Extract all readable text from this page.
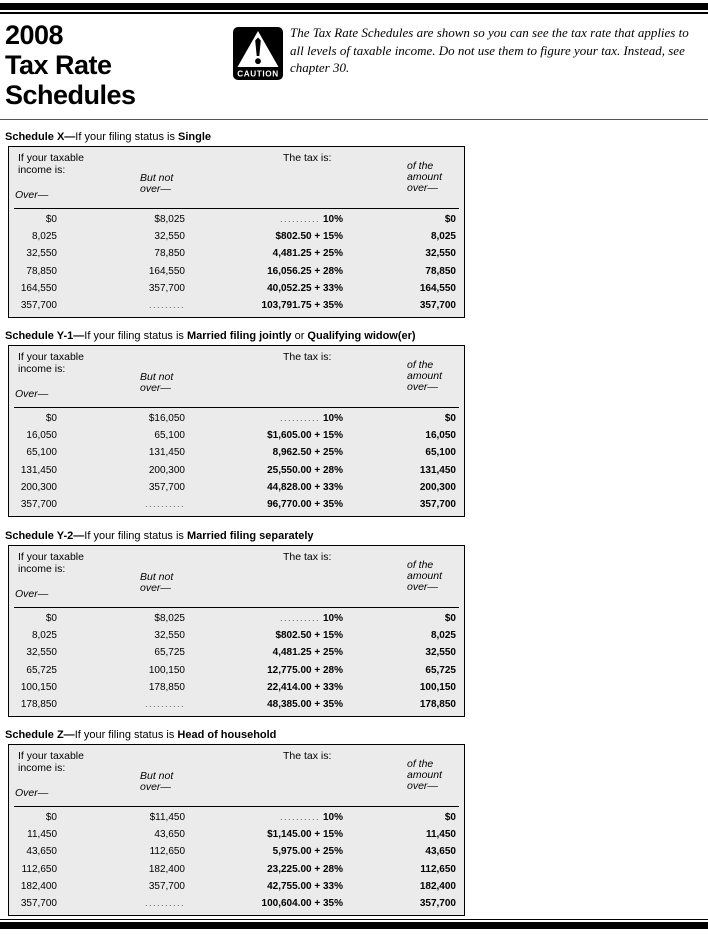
2008
Tax Rate
Schedules
CAUTION

The Tax Rate Schedules are shown so you can see the tax rate that applies to all levels of taxable income. Do not use them to figure your tax. Instead, see chapter 30.

Schedule X—If your filing status is Single
If your taxable income is:
The tax is:
But not over—
of the amount over—
Over—
$0	$8,025	.......... 10%	$0
8,025	32,550	$802.50 + 15%	8,025
32,550	78,850	4,481.25 + 25%	32,550
78,850	164,550	16,056.25 + 28%	78,850
164,550	357,700	40,052.25 + 33%	164,550
357,700	.........	103,791.75 + 35%	357,700
Schedule Y-1—If your filing status is Married filing jointly or Qualifying widow(er)
If your taxable income is:
The tax is:
But not over—
of the amount over—
Over—
$0	$16,050	.......... 10%	$0
16,050	65,100	$1,605.00 + 15%	16,050
65,100	131,450	8,962.50 + 25%	65,100
131,450	200,300	25,550.00 + 28%	131,450
200,300	357,700	44,828.00 + 33%	200,300
357,700	..........	96,770.00 + 35%	357,700
Schedule Y-2—If your filing status is Married filing separately
If your taxable income is:
The tax is:
But not over—
of the amount over—
Over—
$0	$8,025	.......... 10%	$0
8,025	32,550	$802.50 + 15%	8,025
32,550	65,725	4,481.25 + 25%	32,550
65,725	100,150	12,775.00 + 28%	65,725
100,150	178,850	22,414.00 + 33%	100,150
178,850	..........	48,385.00 + 35%	178,850
Schedule Z—If your filing status is Head of household
If your taxable income is:
The tax is:
But not over—
of the amount over—
Over—
$0	$11,450	.......... 10%	$0
11,450	43,650	$1,145.00 + 15%	11,450
43,650	112,650	5,975.00 + 25%	43,650
112,650	182,400	23,225.00 + 28%	112,650
182,400	357,700	42,755.00 + 33%	182,400
357,700	..........	100,604.00 + 35%	357,700
